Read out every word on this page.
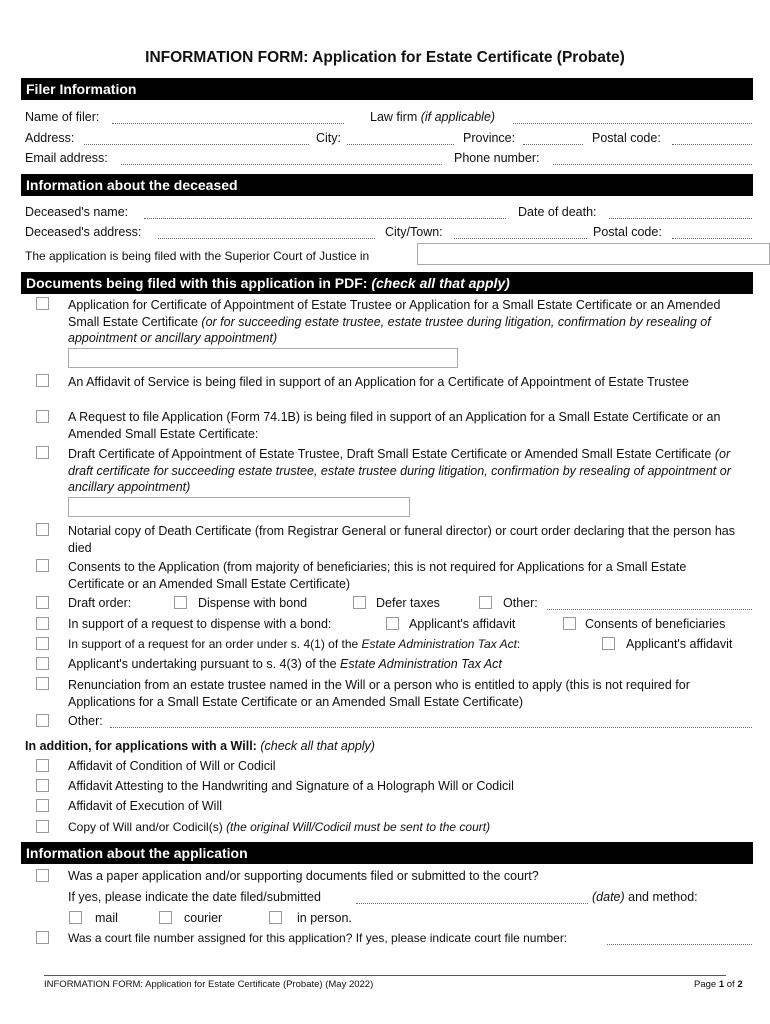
INFORMATION FORM: Application for Estate Certificate (Probate)
Filer Information
Name of filer:	Law firm (if applicable)
Address:	City:	Province:	Postal code:
Email address:	Phone number:
Information about the deceased
Deceased's name:	Date of death:
Deceased's address:	City/Town:	Postal code:
The application is being filed with the Superior Court of Justice in
Documents being filed with this application in PDF: (check all that apply)
Application for Certificate of Appointment of Estate Trustee or Application for a Small Estate Certificate or an Amended Small Estate Certificate (or for succeeding estate trustee, estate trustee during litigation, confirmation by resealing of appointment or ancillary appointment)
An Affidavit of Service is being filed in support of an Application for a Certificate of Appointment of Estate Trustee
A Request to file Application (Form 74.1B) is being filed in support of an Application for a Small Estate Certificate or an Amended Small Estate Certificate:
Draft Certificate of Appointment of Estate Trustee, Draft Small Estate Certificate or Amended Small Estate Certificate (or draft certificate for succeeding estate trustee, estate trustee during litigation, confirmation by resealing of appointment or ancillary appointment)
Notarial copy of Death Certificate (from Registrar General or funeral director) or court order declaring that the person has died
Consents to the Application (from majority of beneficiaries; this is not required for Applications for a Small Estate Certificate or an Amended Small Estate Certificate)
Draft order:	Dispense with bond	Defer taxes	Other:
In support of a request to dispense with a bond:	Applicant's affidavit	Consents of beneficiaries
In support of a request for an order under s. 4(1) of the Estate Administration Tax Act:	Applicant's affidavit
Applicant's undertaking pursuant to s. 4(3) of the Estate Administration Tax Act
Renunciation from an estate trustee named in the Will or a person who is entitled to apply (this is not required for Applications for a Small Estate Certificate or an Amended Small Estate Certificate)
Other:
In addition, for applications with a Will: (check all that apply)
Affidavit of Condition of Will or Codicil
Affidavit Attesting to the Handwriting and Signature of a Holograph Will or Codicil
Affidavit of Execution of Will
Copy of Will and/or Codicil(s) (the original Will/Codicil must be sent to the court)
Information about the application
Was a paper application and/or supporting documents filed or submitted to the court?
If yes, please indicate the date filed/submitted	(date) and method:
mail	courier	in person.
Was a court file number assigned for this application? If yes, please indicate court file number:
INFORMATION FORM: Application for Estate Certificate (Probate) (May 2022)	Page 1 of 2
